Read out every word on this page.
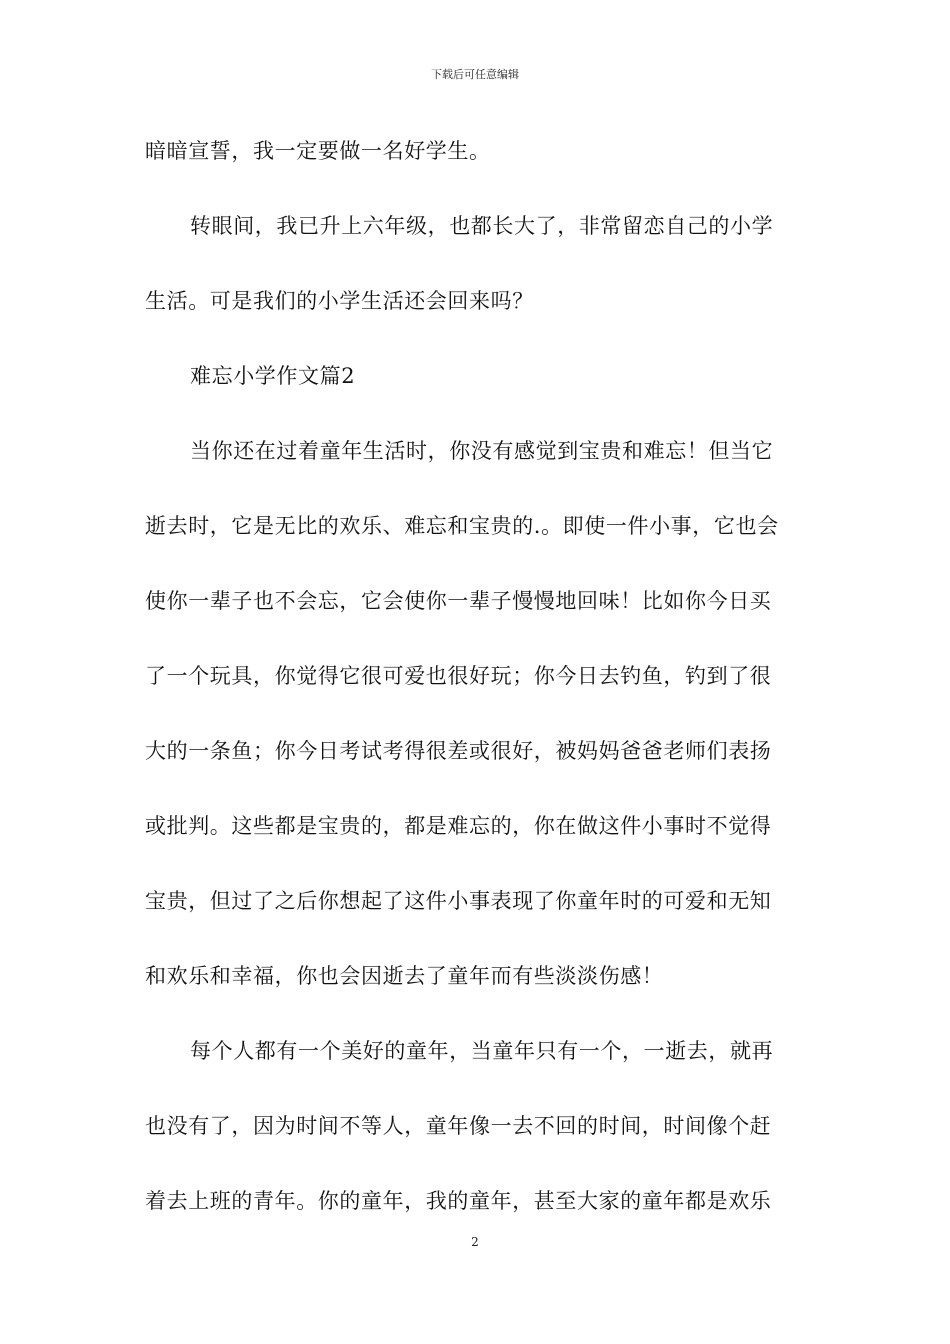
下载后可任意编辑
暗暗宣誓，我一定要做一名好学生。
转眼间，我已升上六年级，也都长大了，非常留恋自己的小学
生活。可是我们的小学生活还会回来吗？
难忘小学作文篇2
当你还在过着童年生活时，你没有感觉到宝贵和难忘！但当它
逝去时，它是无比的欢乐、难忘和宝贵的.。即使一件小事，它也会
使你一辈子也不会忘，它会使你一辈子慢慢地回味！比如你今日买
了一个玩具，你觉得它很可爱也很好玩；你今日去钓鱼，钓到了很
大的一条鱼；你今日考试考得很差或很好，被妈妈爸爸老师们表扬
或批判。这些都是宝贵的，都是难忘的，你在做这件小事时不觉得
宝贵，但过了之后你想起了这件小事表现了你童年时的可爱和无知
和欢乐和幸福，你也会因逝去了童年而有些淡淡伤感！
每个人都有一个美好的童年，当童年只有一个，一逝去，就再
也没有了，因为时间不等人，童年像一去不回的时间，时间像个赶
着去上班的青年。你的童年，我的童年，甚至大家的童年都是欢乐
2
